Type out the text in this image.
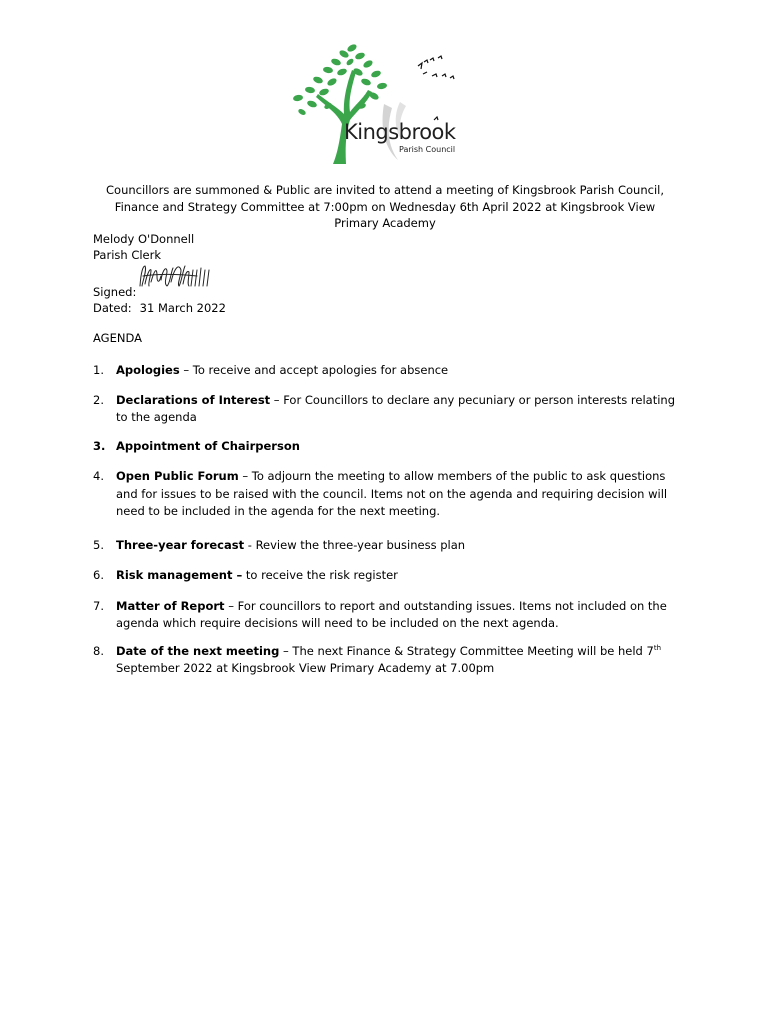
Kingsbrook
Parish Council
Councillors are summoned & Public are invited to attend a meeting of Kingsbrook Parish Council, Finance and Strategy Committee at 7:00pm on Wednesday 6th April 2022 at Kingsbrook View Primary Academy
Melody O'Donnell
Parish Clerk
Signed:
Dated: 31 March 2022
AGENDA
1. Apologies – To receive and accept apologies for absence
2. Declarations of Interest – For Councillors to declare any pecuniary or person interests relating to the agenda
3. Appointment of Chairperson
4. Open Public Forum – To adjourn the meeting to allow members of the public to ask questions and for issues to be raised with the council. Items not on the agenda and requiring decision will need to be included in the agenda for the next meeting.
5. Three-year forecast - Review the three-year business plan
6. Risk management – to receive the risk register
7. Matter of Report – For councillors to report and outstanding issues. Items not included on the agenda which require decisions will need to be included on the next agenda.
8. Date of the next meeting – The next Finance & Strategy Committee Meeting will be held 7th September 2022 at Kingsbrook View Primary Academy at 7.00pm
